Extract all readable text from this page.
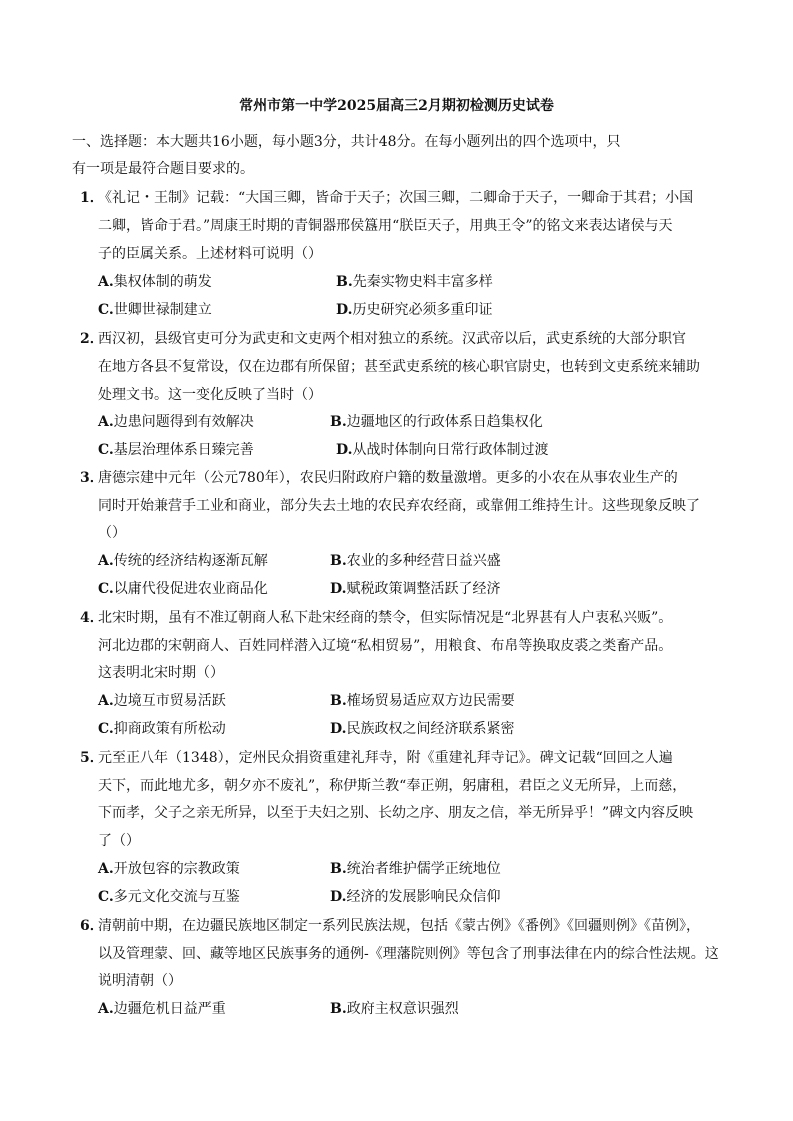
常州市第一中学2025届高三2月期初检测历史试卷
一、选择题：本大题共16小题，每小题3分，共计48分。在每小题列出的四个选项中，只
有一项是最符合题目要求的。
1．
《礼记・王制》记载：“大国三卿，皆命于天子；次国三卿，二卿命于天子，一卿命于其君；小国
二卿，皆命于君。”周康王时期的青铜器邢侯簋用“朕臣天子，用典王令”的铭文来表达诸侯与天
子的臣属关系。上述材料可说明（）
A.集权体制的萌发	B.先秦实物史料丰富多样
C.世卿世禄制建立	D.历史研究必须多重印证
2．
西汉初，县级官吏可分为武吏和文吏两个相对独立的系统。汉武帝以后，武吏系统的大部分职官
在地方各县不复常设，仅在边郡有所保留；甚至武吏系统的核心职官尉史，也转到文吏系统来辅助
处理文书。这一变化反映了当时（）
A.边患问题得到有效解决	B.边疆地区的行政体系日趋集权化
C.基层治理体系日臻完善	D.从战时体制向日常行政体制过渡
3．
唐德宗建中元年（公元780年），农民归附政府户籍的数量激增。更多的小农在从事农业生产的
同时开始兼营手工业和商业，部分失去土地的农民弃农经商，或靠佣工维持生计。这些现象反映了
（）
A.传统的经济结构逐渐瓦解	B.农业的多种经营日益兴盛
C.以庸代役促进农业商品化	D.赋税政策调整活跃了经济
4．
北宋时期，虽有不准辽朝商人私下赴宋经商的禁令，但实际情况是“北界甚有人户衷私兴贩”。
河北边郡的宋朝商人、百姓同样潜入辽境“私相贸易”，用粮食、布帛等换取皮裘之类畜产品。
这表明北宋时期（）
A.边境互市贸易活跃	B.榷场贸易适应双方边民需要
C.抑商政策有所松动	D.民族政权之间经济联系紧密
5．
元至正八年（1348），定州民众捐资重建礼拜寺，附《重建礼拜寺记》。碑文记载“回回之人遍
天下，而此地尤多，朝夕亦不废礼”，称伊斯兰教“奉正朔，躬庸租，君臣之义无所异，上而慈，
下而孝，父子之亲无所异，以至于夫妇之别、长幼之序、朋友之信，举无所异乎！”碑文内容反映
了（）
A.开放包容的宗教政策	B.统治者维护儒学正统地位
C.多元文化交流与互鉴	D.经济的发展影响民众信仰
6．
清朝前中期，在边疆民族地区制定一系列民族法规，包括《蒙古例》《番例》《回疆则例》《苗例》，
以及管理蒙、回、藏等地区民族事务的通例-《理藩院则例》等包含了刑事法律在内的综合性法规。这
说明清朝（）
A.边疆危机日益严重	B.政府主权意识强烈
